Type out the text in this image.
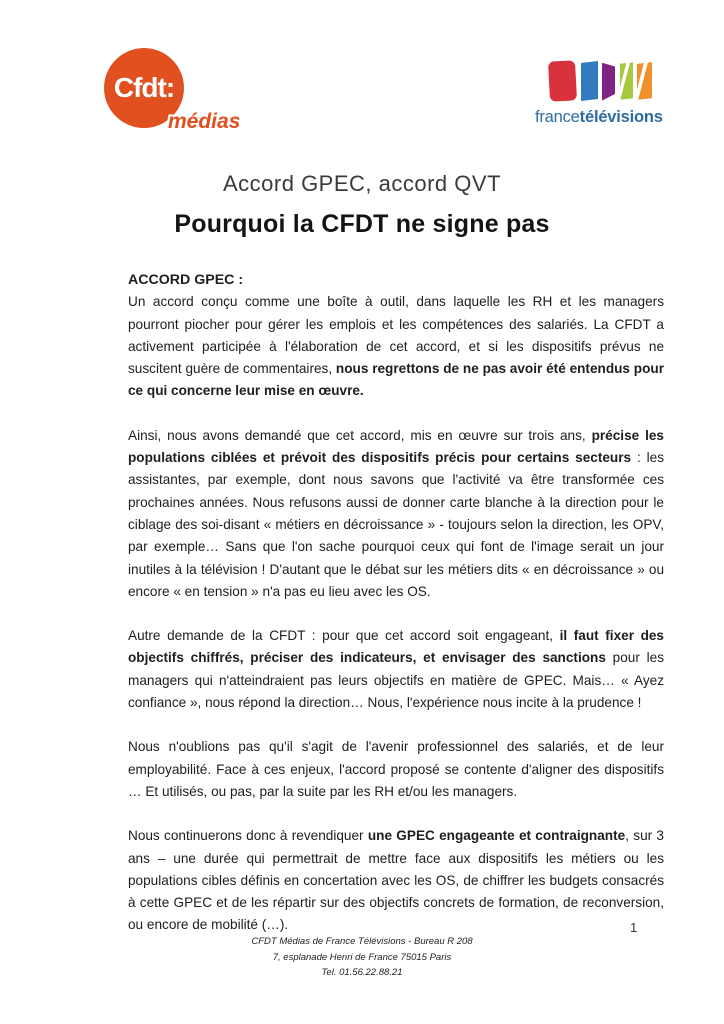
Cfdt:
médias	francetélévisions
Accord GPEC, accord QVT
Pourquoi la CFDT ne signe pas
ACCORD GPEC :

Un accord conçu comme une boîte à outil, dans laquelle les RH et les managers pourront piocher pour gérer les emplois et les compétences des salariés. La CFDT a activement participée à l'élaboration de cet accord, et si les dispositifs prévus ne suscitent guère de commentaires, nous regrettons de ne pas avoir été entendus pour ce qui concerne leur mise en œuvre.

Ainsi, nous avons demandé que cet accord, mis en œuvre sur trois ans, précise les populations ciblées et prévoit des dispositifs précis pour certains secteurs : les assistantes, par exemple, dont nous savons que l'activité va être transformée ces prochaines années. Nous refusons aussi de donner carte blanche à la direction pour le ciblage des soi-disant « métiers en décroissance » - toujours selon la direction, les OPV, par exemple… Sans que l'on sache pourquoi ceux qui font de l'image serait un jour inutiles à la télévision ! D'autant que le débat sur les métiers dits « en décroissance » ou encore « en tension » n'a pas eu lieu avec les OS.

Autre demande de la CFDT : pour que cet accord soit engageant, il faut fixer des objectifs chiffrés, préciser des indicateurs, et envisager des sanctions pour les managers qui n'atteindraient pas leurs objectifs en matière de GPEC. Mais… « Ayez confiance », nous répond la direction… Nous, l'expérience nous incite à la prudence !

Nous n'oublions pas qu'il s'agit de l'avenir professionnel des salariés, et de leur employabilité. Face à ces enjeux, l'accord proposé se contente d'aligner des dispositifs … Et utilisés, ou pas, par la suite par les RH et/ou les managers.

Nous continuerons donc à revendiquer une GPEC engageante et contraignante, sur 3 ans – une durée qui permettrait de mettre face aux dispositifs les métiers ou les populations cibles définis en concertation avec les OS, de chiffrer les budgets consacrés à cette GPEC et de les répartir sur des objectifs concrets de formation, de reconversion, ou encore de mobilité (…).

CFDT Médias de France Télévisions - Bureau R 208
7, esplanade Henri de France 75015 Paris
Tel. 01.56.22.88.21
1
